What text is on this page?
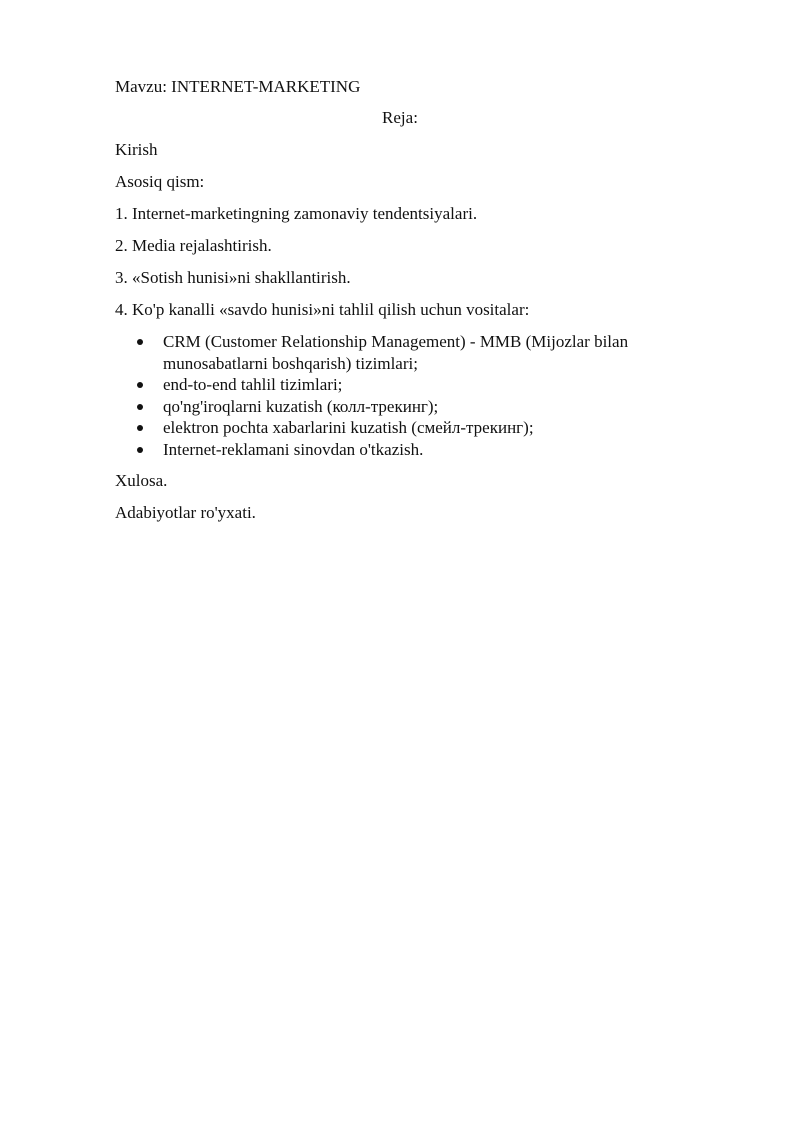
Mavzu: INTERNET-MARKETING
Reja:
Kirish
Asosiq qism:
1. Internet-marketingning zamonaviy tendentsiyalari.
2. Media rejalashtirish.
3. «Sotish hunisi»ni shakllantirish.
4. Ko'p kanalli «savdo hunisi»ni tahlil qilish uchun vositalar:
CRM (Customer Relationship Management) - MMB (Mijozlar bilan munosabatlarni boshqarish) tizimlari;
end-to-end tahlil tizimlari;
qo'ng'iroqlarni kuzatish (колл-трекинг);
elektron pochta xabarlarini kuzatish (смейл-трекинг);
Internet-reklamani sinovdan o'tkazish.
Xulosa.
Adabiyotlar ro'yxati.
